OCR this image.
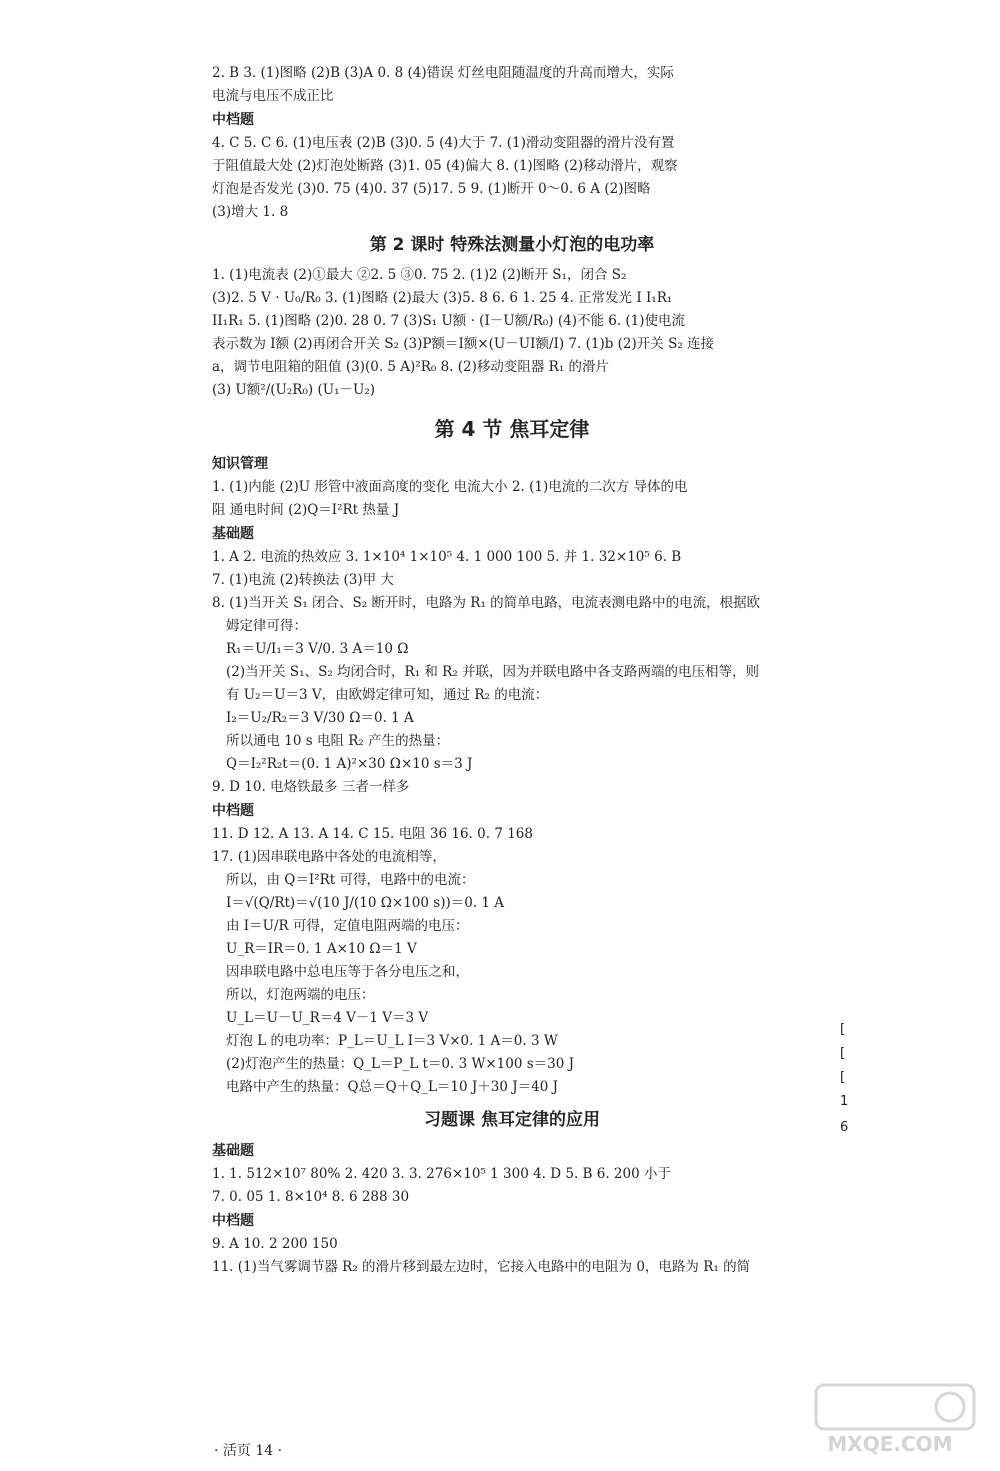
2. B 3. (1)图略 (2)B (3)A 0. 8 (4)错误 灯丝电阻随温度的升高而增大，实际
电流与电压不成正比
中档题
4. C 5. C 6. (1)电压表 (2)B (3)0. 5 (4)大于 7. (1)滑动变阻器的滑片没有置
于阻值最大处 (2)灯泡处断路 (3)1. 05 (4)偏大 8. (1)图略 (2)移动滑片，观察
灯泡是否发光 (3)0. 75 (4)0. 37 (5)17. 5 9. (1)断开 0～0. 6 A (2)图略
(3)增大 1. 8
第 2 课时 特殊法测量小灯泡的电功率
1. (1)电流表 (2)①最大 ②2. 5 ③0. 75 2. (1)2 (2)断开 S₁，闭合 S₂
(3)2. 5 V · U₀/R₀ 3. (1)图略 (2)最大 (3)5. 8 6. 6 1. 25 4. 正常发光 I I₁R₁
II₁R₁ 5. (1)图略 (2)0. 28 0. 7 (3)S₁ U额 · (I－U额/R₀) (4)不能 6. (1)使电流
表示数为 I额 (2)再闭合开关 S₂ (3)P额＝I额×(U－UI额/I) 7. (1)b (2)开关 S₂ 连接
a，调节电阻箱的阻值 (3)(0. 5 A)²R₀ 8. (2)移动变阻器 R₁ 的滑片
(3) U额²/(U₂R₀) (U₁－U₂)
第 4 节 焦耳定律
知识管理
1. (1)内能 (2)U 形管中液面高度的变化 电流大小 2. (1)电流的二次方 导体的电
阻 通电时间 (2)Q＝I²Rt 热量 J
基础题
1. A 2. 电流的热效应 3. 1×10⁴ 1×10⁵ 4. 1 000 100 5. 并 1. 32×10⁵ 6. B
7. (1)电流 (2)转换法 (3)甲 大
8. (1)当开关 S₁ 闭合、S₂ 断开时，电路为 R₁ 的简单电路，电流表测电路中的电流，根据欧
姆定律可得：
R₁＝U/I₁＝3 V/0. 3 A＝10 Ω
(2)当开关 S₁、S₂ 均闭合时，R₁ 和 R₂ 并联，因为并联电路中各支路两端的电压相等，则
有 U₂＝U＝3 V，由欧姆定律可知，通过 R₂ 的电流：
I₂＝U₂/R₂＝3 V/30 Ω＝0. 1 A
所以通电 10 s 电阻 R₂ 产生的热量：
Q＝I₂²R₂t＝(0. 1 A)²×30 Ω×10 s＝3 J
9. D 10. 电烙铁最多 三者一样多
中档题
11. D 12. A 13. A 14. C 15. 电阻 36 16. 0. 7 168
17. (1)因串联电路中各处的电流相等，
所以，由 Q＝I²Rt 可得，电路中的电流：
I＝√(Q/Rt)＝√(10 J/(10 Ω×100 s))＝0. 1 A
由 I＝U/R 可得，定值电阻两端的电压：
U_R＝IR＝0. 1 A×10 Ω＝1 V
因串联电路中总电压等于各分电压之和，
所以，灯泡两端的电压：
U_L＝U－U_R＝4 V－1 V＝3 V
灯泡 L 的电功率：P_L＝U_L I＝3 V×0. 1 A＝0. 3 W
(2)灯泡产生的热量：Q_L＝P_L t＝0. 3 W×100 s＝30 J
电路中产生的热量：Q总＝Q＋Q_L＝10 J＋30 J＝40 J
习题课 焦耳定律的应用
基础题
1. 1. 512×10⁷ 80% 2. 420 3. 3. 276×10⁵ 1 300 4. D 5. B 6. 200 小于
7. 0. 05 1. 8×10⁴ 8. 6 288 30
中档题
9. A 10. 2 200 150
11. (1)当气雾调节器 R₂ 的滑片移到最左边时，它接入电路中的电阻为 0，电路为 R₁ 的简
[
[
[
1
6
· 活页 14 ·	MXQE.COM
